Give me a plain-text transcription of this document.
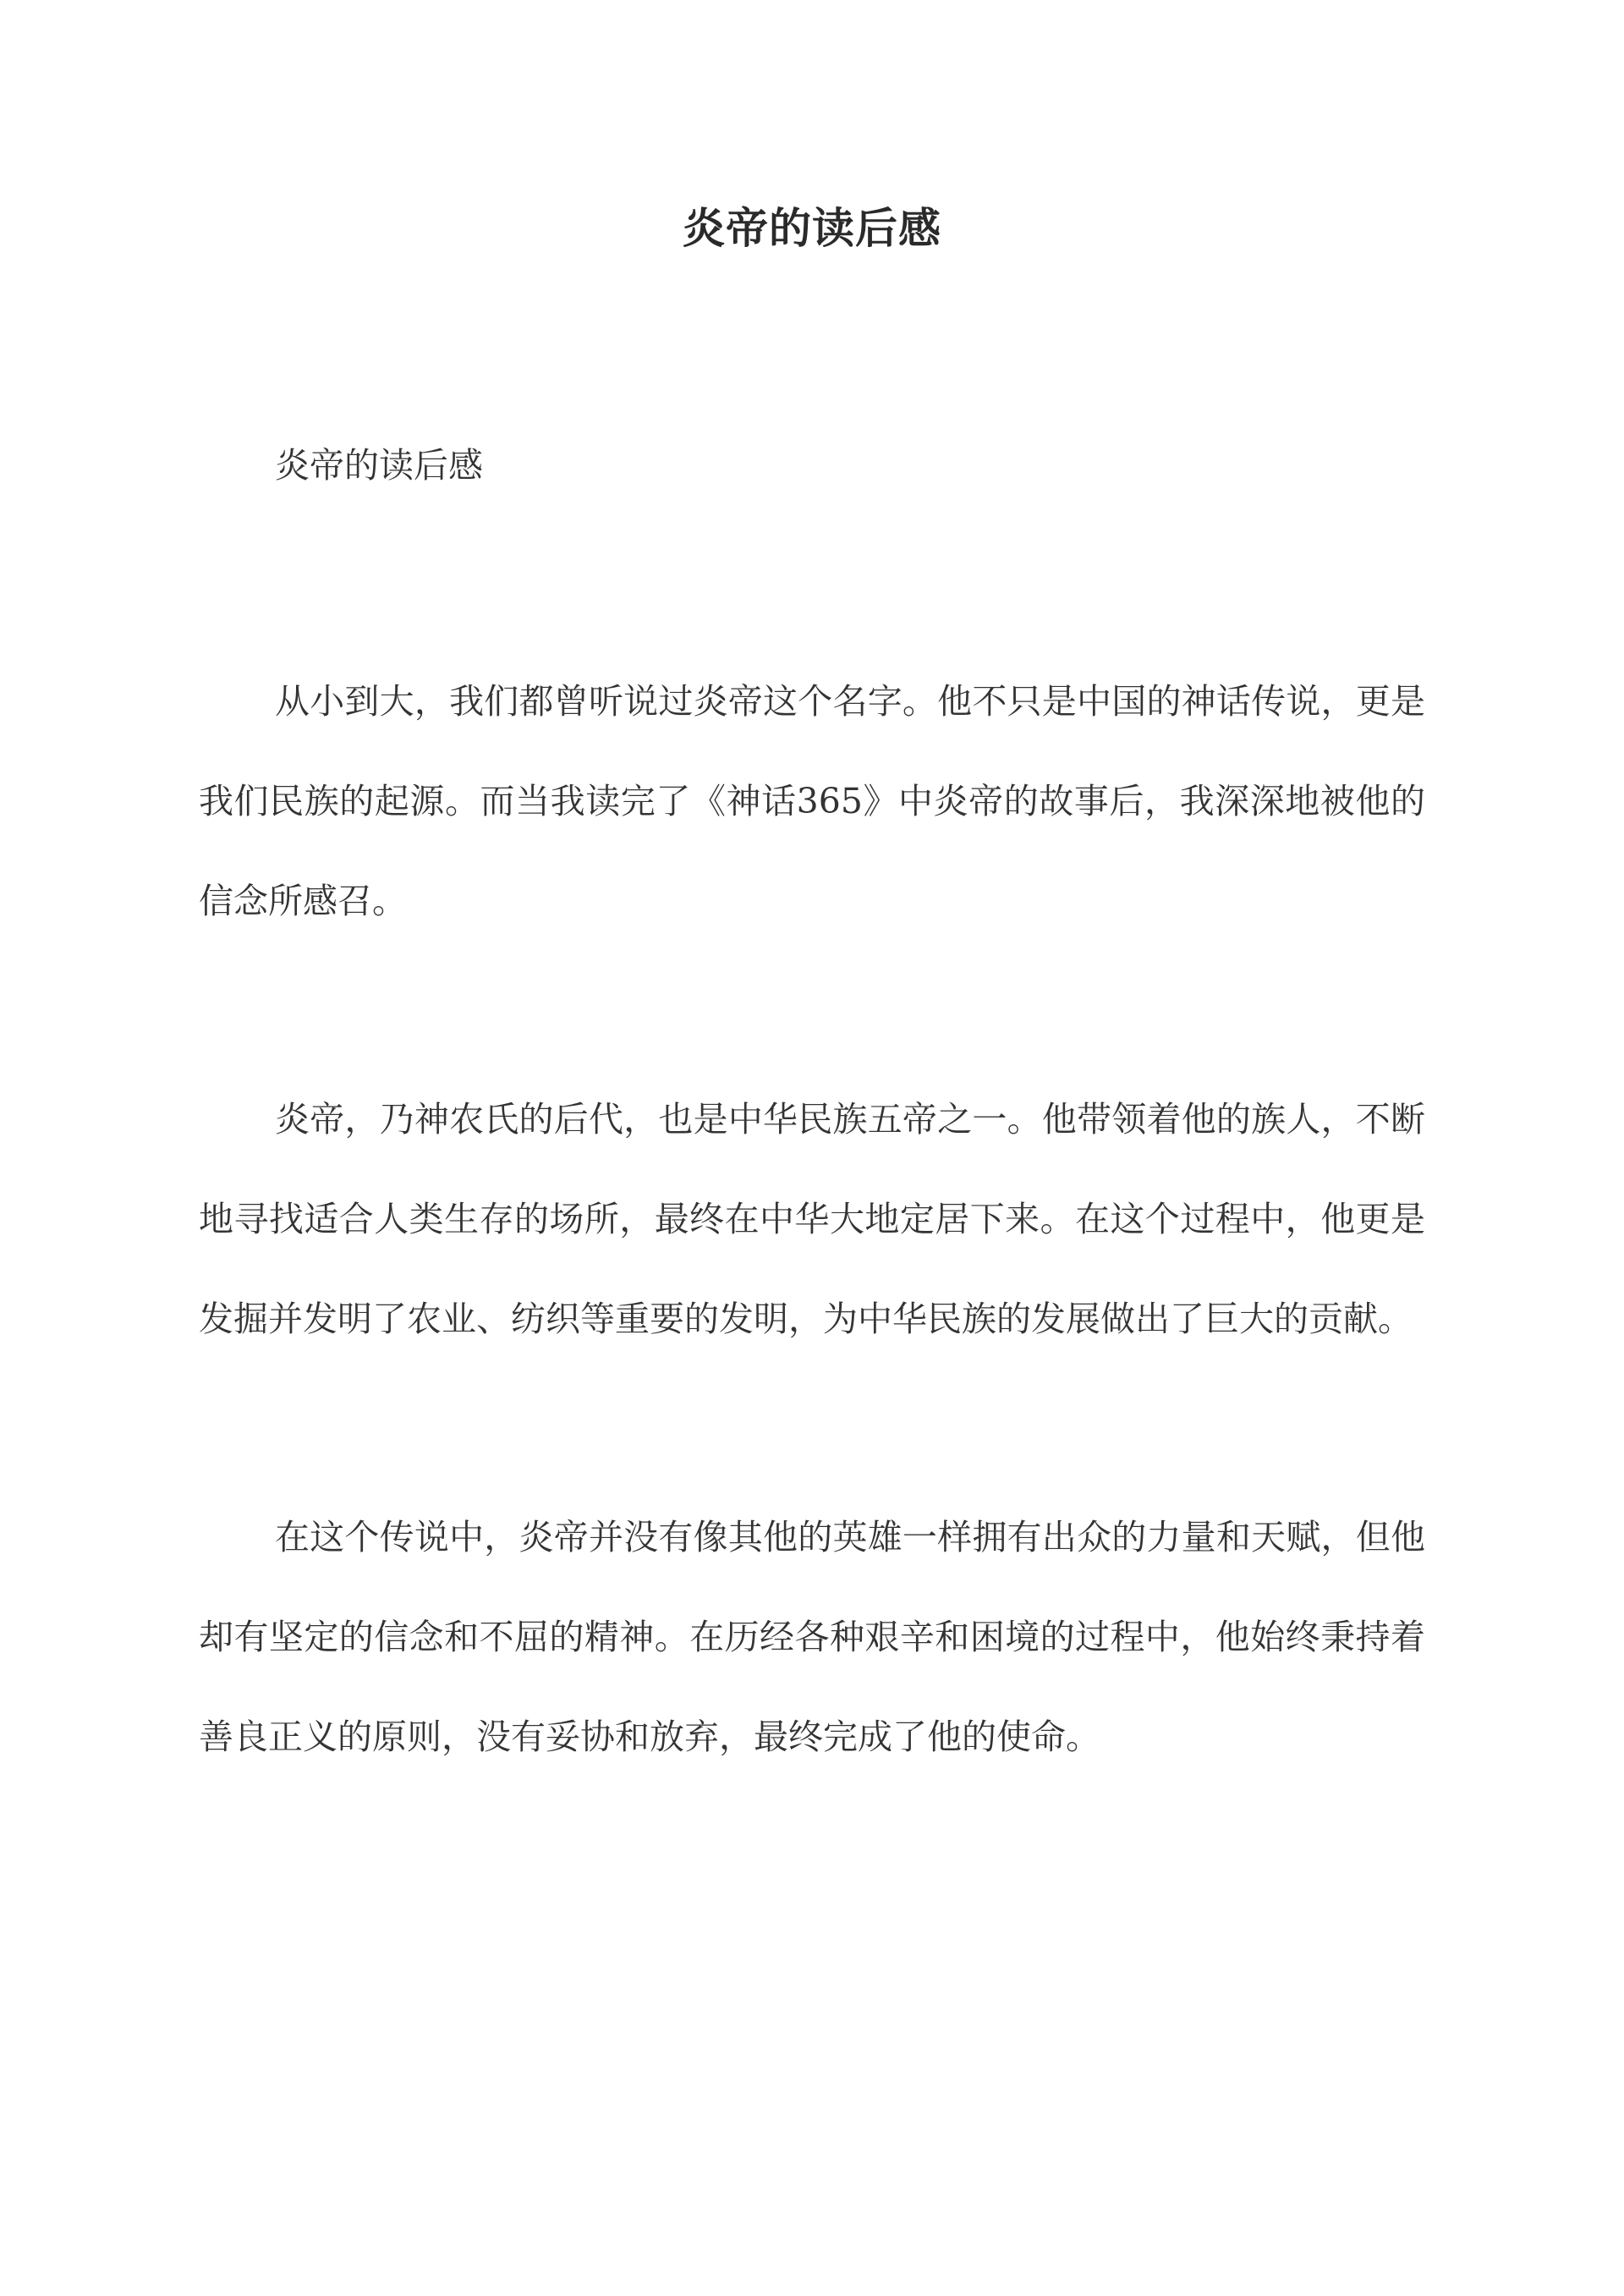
炎帝的读后感

炎帝的读后感

从小到大，我们都曾听说过炎帝这个名字。他不只是中国的神话传说，更是我们民族的起源。而当我读完了《神话365》中炎帝的故事后，我深深地被他的信念所感召。

炎帝，乃神农氏的后代，也是中华民族五帝之一。他带领着他的族人，不断地寻找适合人类生存的场所，最终在中华大地定居下来。在这个过程中，他更是发掘并发明了农业、纺织等重要的发明，为中华民族的发展做出了巨大的贡献。

在这个传说中，炎帝并没有像其他的英雄一样拥有出众的力量和天赋，但他却有坚定的信念和不屈的精神。在历经各种艰辛和困境的过程中，他始终秉持着善良正义的原则，没有妥协和放弃，最终完成了他的使命。
